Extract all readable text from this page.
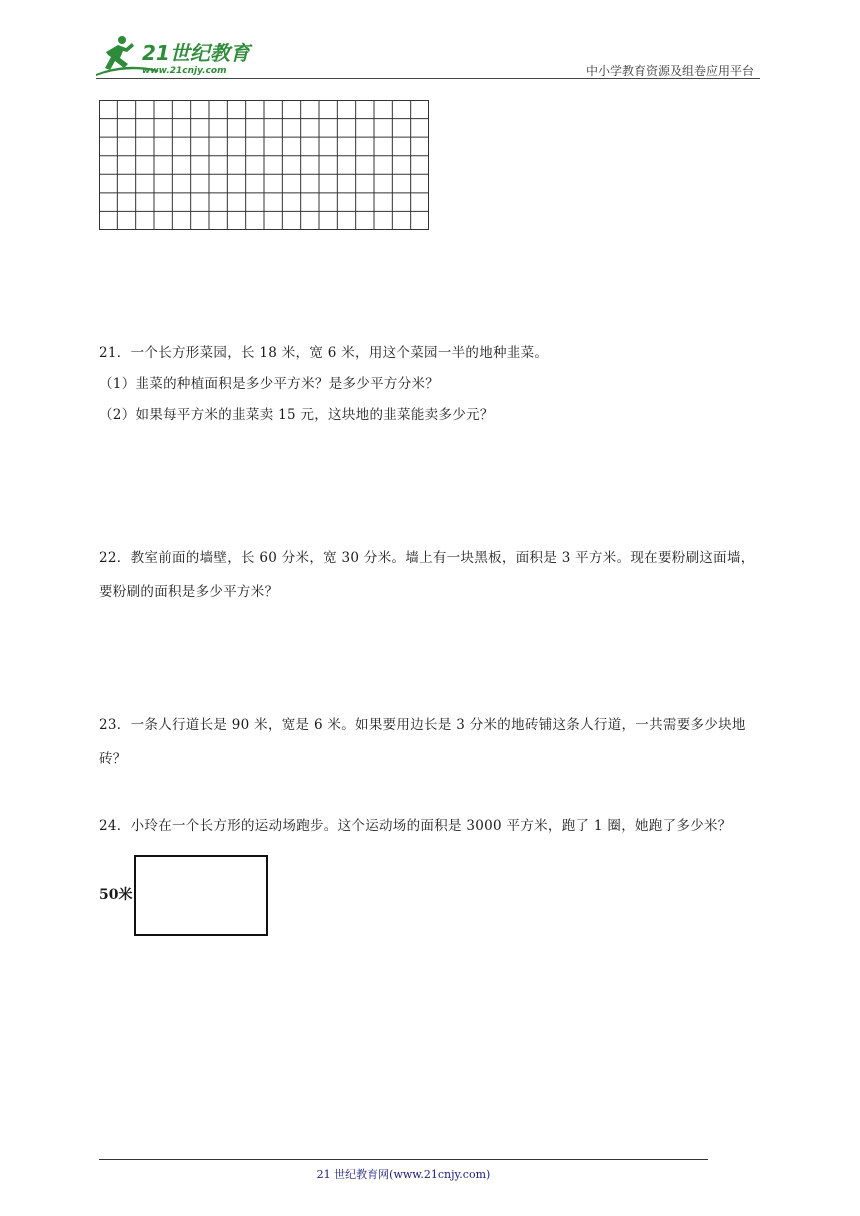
21世纪教育
www.21cnjy.com	中小学教育资源及组卷应用平台

21．一个长方形菜园，长 18 米，宽 6 米，用这个菜园一半的地种韭菜。

（1）韭菜的种植面积是多少平方米？是多少平方分米？

（2）如果每平方米的韭菜卖 15 元，这块地的韭菜能卖多少元？

22．教室前面的墙壁，长 60 分米，宽 30 分米。墙上有一块黑板，面积是 3 平方米。现在要粉刷这面墙，要粉刷的面积是多少平方米？

23．一条人行道长是 90 米，宽是 6 米。如果要用边长是 3 分米的地砖铺这条人行道，一共需要多少块地砖？

24．小玲在一个长方形的运动场跑步。这个运动场的面积是 3000 平方米，跑了 1 圈，她跑了多少米？

50米
21 世纪教育网(www.21cnjy.com)
